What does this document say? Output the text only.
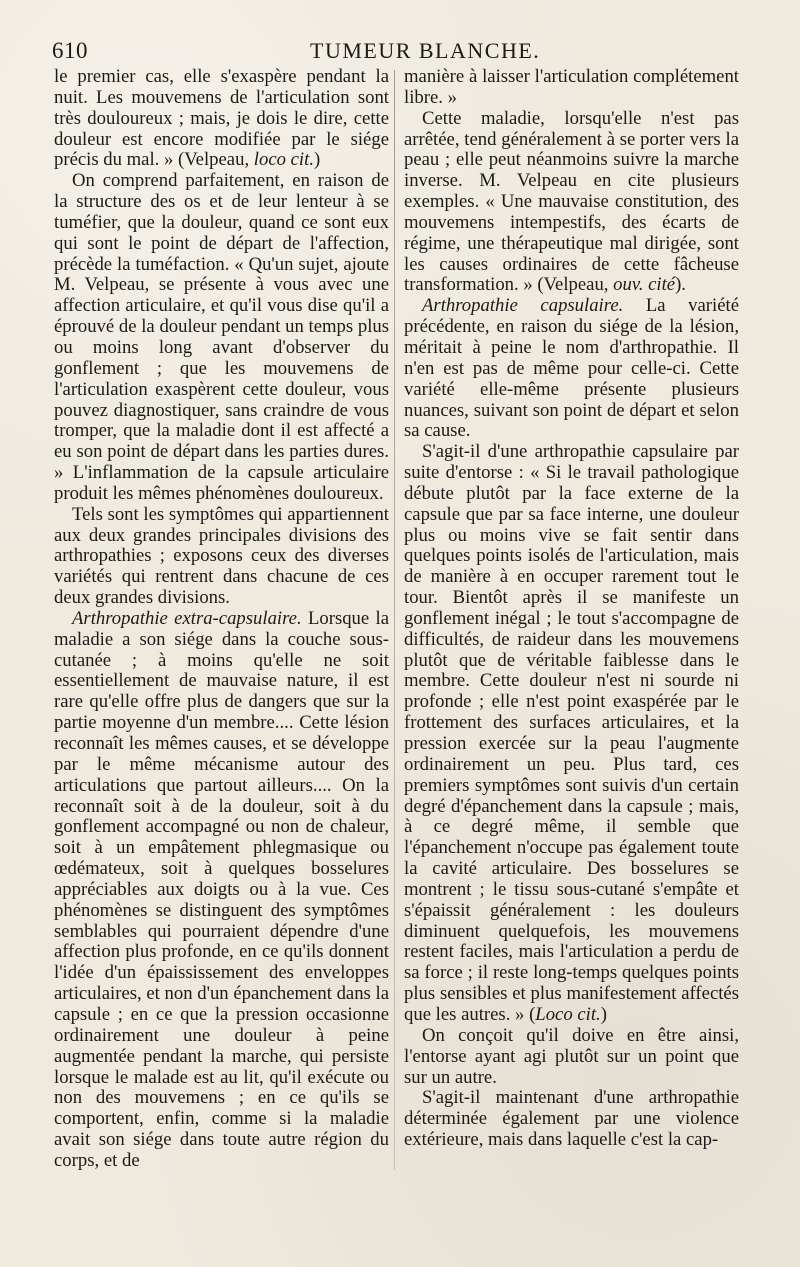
610	TUMEUR BLANCHE.

le premier cas, elle s'exaspère pendant la nuit. Les mouvemens de l'articulation sont très douloureux ; mais, je dois le dire, cette douleur est encore modifiée par le siége précis du mal. » (Velpeau, loco cit.)

On comprend parfaitement, en raison de la structure des os et de leur lenteur à se tuméfier, que la douleur, quand ce sont eux qui sont le point de départ de l'affection, précède la tuméfaction. « Qu'un sujet, ajoute M. Velpeau, se présente à vous avec une affection articulaire, et qu'il vous dise qu'il a éprouvé de la douleur pendant un temps plus ou moins long avant d'observer du gonflement ; que les mouvemens de l'articulation exaspèrent cette douleur, vous pouvez diagnostiquer, sans craindre de vous tromper, que la maladie dont il est affecté a eu son point de départ dans les parties dures. » L'inflammation de la capsule articulaire produit les mêmes phénomènes douloureux.

Tels sont les symptômes qui appartiennent aux deux grandes principales divisions des arthropathies ; exposons ceux des diverses variétés qui rentrent dans chacune de ces deux grandes divisions.

Arthropathie extra-capsulaire. Lorsque la maladie a son siége dans la couche sous-cutanée ; à moins qu'elle ne soit essentiellement de mauvaise nature, il est rare qu'elle offre plus de dangers que sur la partie moyenne d'un membre.... Cette lésion reconnaît les mêmes causes, et se développe par le même mécanisme autour des articulations que partout ailleurs.... On la reconnaît soit à de la douleur, soit à du gonflement accompagné ou non de chaleur, soit à un empâtement phlegmasique ou œdémateux, soit à quelques bosselures appréciables aux doigts ou à la vue. Ces phénomènes se distinguent des symptômes semblables qui pourraient dépendre d'une affection plus profonde, en ce qu'ils donnent l'idée d'un épaississement des enveloppes articulaires, et non d'un épanchement dans la capsule ; en ce que la pression occasionne ordinairement une douleur à peine augmentée pendant la marche, qui persiste lorsque le malade est au lit, qu'il exécute ou non des mouvemens ; en ce qu'ils se comportent, enfin, comme si la maladie avait son siége dans toute autre région du corps, et de

manière à laisser l'articulation complétement libre. »

Cette maladie, lorsqu'elle n'est pas arrêtée, tend généralement à se porter vers la peau ; elle peut néanmoins suivre la marche inverse. M. Velpeau en cite plusieurs exemples. « Une mauvaise constitution, des mouvemens intempestifs, des écarts de régime, une thérapeutique mal dirigée, sont les causes ordinaires de cette fâcheuse transformation. » (Velpeau, ouv. cité).

Arthropathie capsulaire. La variété précédente, en raison du siége de la lésion, méritait à peine le nom d'arthropathie. Il n'en est pas de même pour celle-ci. Cette variété elle-même présente plusieurs nuances, suivant son point de départ et selon sa cause.

S'agit-il d'une arthropathie capsulaire par suite d'entorse : « Si le travail pathologique débute plutôt par la face externe de la capsule que par sa face interne, une douleur plus ou moins vive se fait sentir dans quelques points isolés de l'articulation, mais de manière à en occuper rarement tout le tour. Bientôt après il se manifeste un gonflement inégal ; le tout s'accompagne de difficultés, de raideur dans les mouvemens plutôt que de véritable faiblesse dans le membre. Cette douleur n'est ni sourde ni profonde ; elle n'est point exaspérée par le frottement des surfaces articulaires, et la pression exercée sur la peau l'augmente ordinairement un peu. Plus tard, ces premiers symptômes sont suivis d'un certain degré d'épanchement dans la capsule ; mais, à ce degré même, il semble que l'épanchement n'occupe pas également toute la cavité articulaire. Des bosselures se montrent ; le tissu sous-cutané s'empâte et s'épaissit généralement : les douleurs diminuent quelquefois, les mouvemens restent faciles, mais l'articulation a perdu de sa force ; il reste long-temps quelques points plus sensibles et plus manifestement affectés que les autres. » (Loco cit.)

On conçoit qu'il doive en être ainsi, l'entorse ayant agi plutôt sur un point que sur un autre.

S'agit-il maintenant d'une arthropathie déterminée également par une violence extérieure, mais dans laquelle c'est la cap-
